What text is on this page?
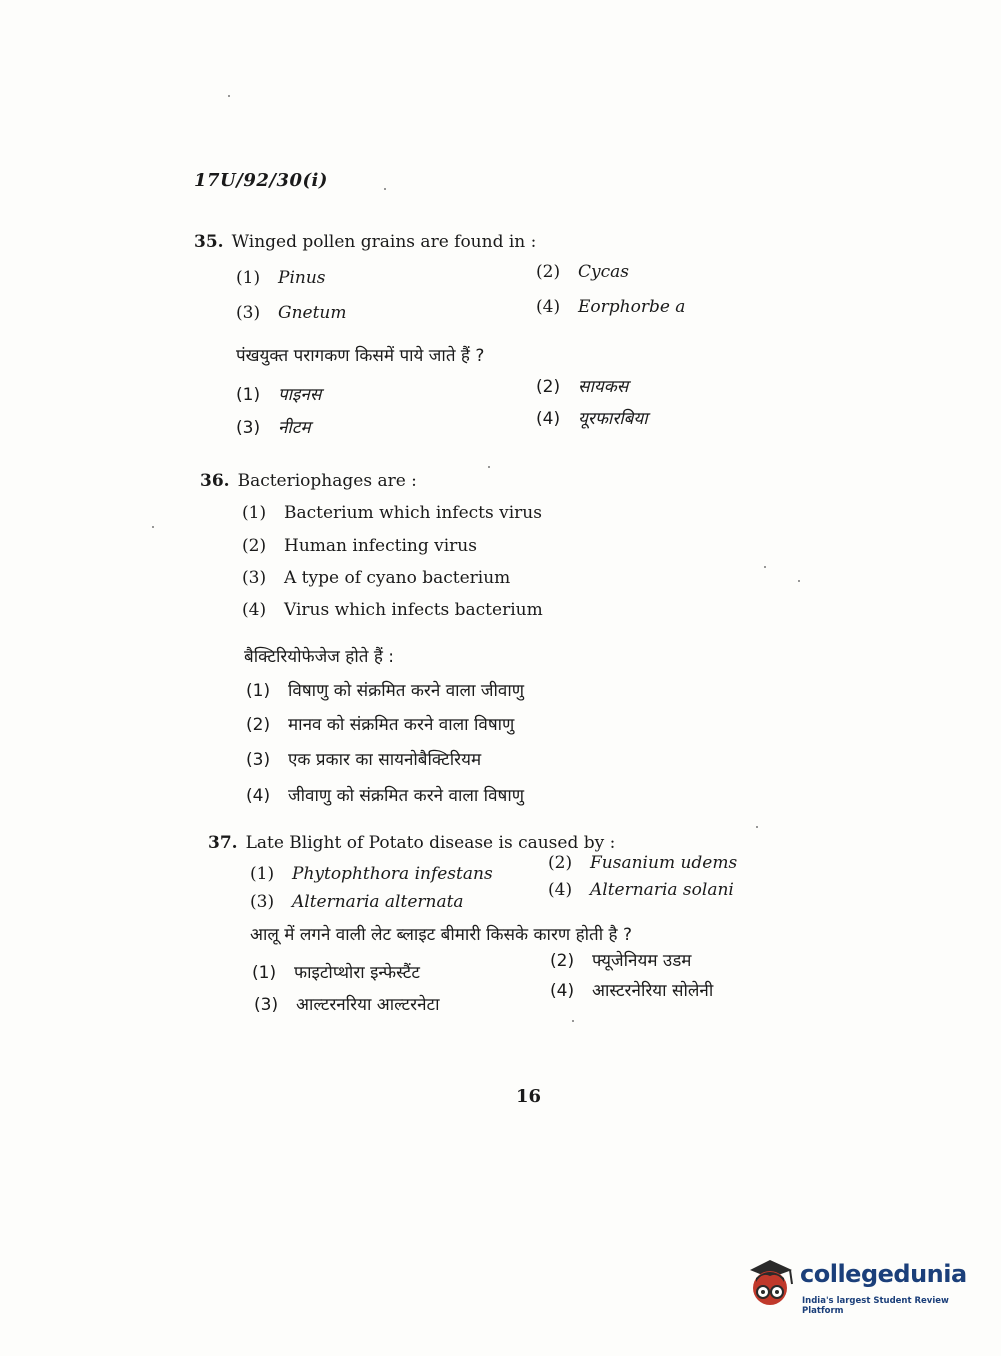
17U/92/30(i)
35. Winged pollen grains are found in :
(1) Pinus	(2) Cycas
(3) Gnetum	(4) Eorphorbe a
पंखयुक्त परागकण किसमें पाये जाते हैं ?
(1) पाइनस	(2) सायकस
(3) नीटम	(4) यूरफारबिया
36. Bacteriophages are :
(1) Bacterium which infects virus
(2) Human infecting virus
(3) A type of cyano bacterium
(4) Virus which infects bacterium
बैक्टिरियोफेजेज होते हैं :
(1) विषाणु को संक्रमित करने वाला जीवाणु
(2) मानव को संक्रमित करने वाला विषाणु
(3) एक प्रकार का सायनोबैक्टिरियम
(4) जीवाणु को संक्रमित करने वाला विषाणु
37. Late Blight of Potato disease is caused by :
(1) Phytophthora infestans
(2) Fusanium udems
(3) Alternaria alternata
(4) Alternaria solani
आलू में लगने वाली लेट ब्लाइट बीमारी किसके कारण होती है ?
(1) फाइटोप्थोरा इन्फेस्टैंट
(2) फ्यूजेनियम उडम
(3) आल्टरनरिया आल्टरनेटा
(4) आस्टरनेरिया सोलेनी
16
collegedunia
India's largest Student Review Platform
